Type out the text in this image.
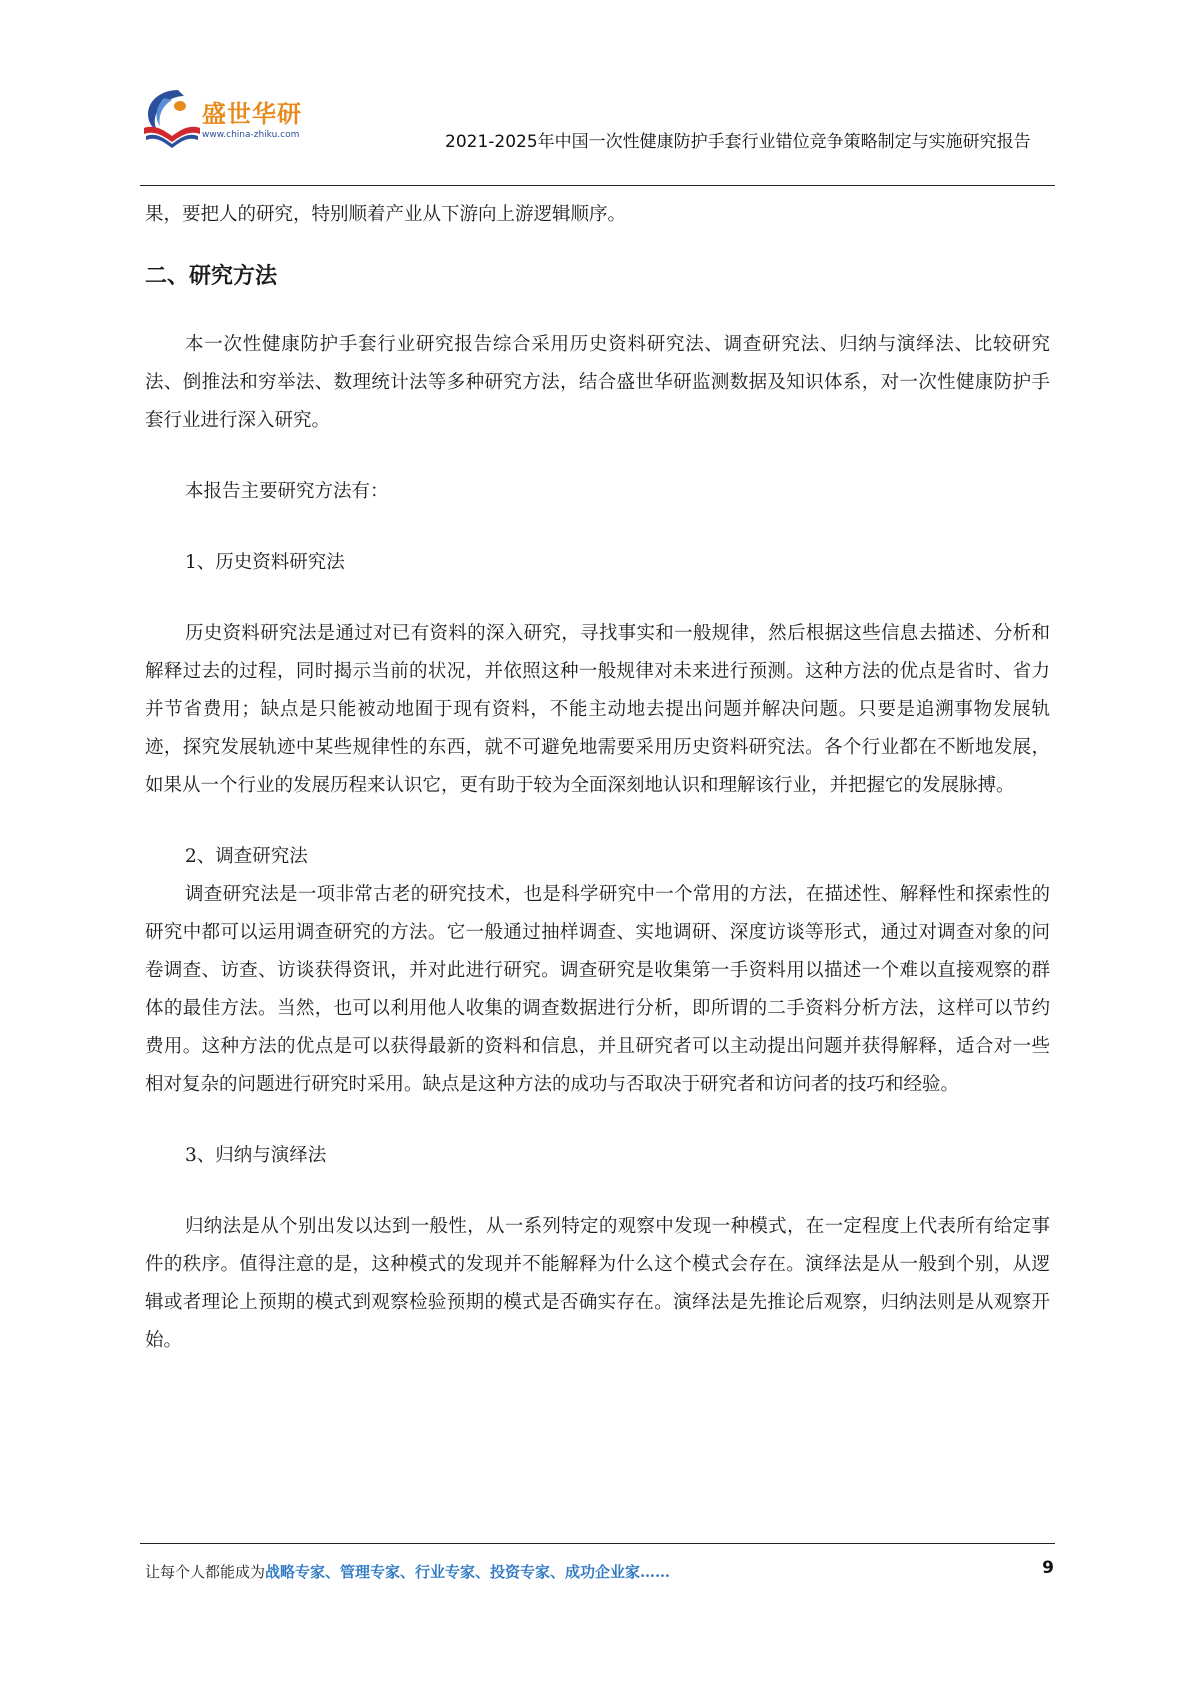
盛世华研
www.china-zhiku.com	2021-2025年中国一次性健康防护手套行业错位竞争策略制定与实施研究报告

果，要把人的研究，特别顺着产业从下游向上游逻辑顺序。

二、研究方法

本一次性健康防护手套行业研究报告综合采用历史资料研究法、调查研究法、归纳与演绎法、比较研究法、倒推法和穷举法、数理统计法等多种研究方法，结合盛世华研监测数据及知识体系，对一次性健康防护手套行业进行深入研究。

本报告主要研究方法有：

1、历史资料研究法

历史资料研究法是通过对已有资料的深入研究，寻找事实和一般规律，然后根据这些信息去描述、分析和解释过去的过程，同时揭示当前的状况，并依照这种一般规律对未来进行预测。这种方法的优点是省时、省力并节省费用；缺点是只能被动地囿于现有资料，不能主动地去提出问题并解决问题。只要是追溯事物发展轨迹，探究发展轨迹中某些规律性的东西，就不可避免地需要采用历史资料研究法。各个行业都在不断地发展，如果从一个行业的发展历程来认识它，更有助于较为全面深刻地认识和理解该行业，并把握它的发展脉搏。

2、调查研究法

调查研究法是一项非常古老的研究技术，也是科学研究中一个常用的方法，在描述性、解释性和探索性的研究中都可以运用调查研究的方法。它一般通过抽样调查、实地调研、深度访谈等形式，通过对调查对象的问卷调查、访查、访谈获得资讯，并对此进行研究。调查研究是收集第一手资料用以描述一个难以直接观察的群体的最佳方法。当然，也可以利用他人收集的调查数据进行分析，即所谓的二手资料分析方法，这样可以节约费用。这种方法的优点是可以获得最新的资料和信息，并且研究者可以主动提出问题并获得解释，适合对一些相对复杂的问题进行研究时采用。缺点是这种方法的成功与否取决于研究者和访问者的技巧和经验。

3、归纳与演绎法

归纳法是从个别出发以达到一般性，从一系列特定的观察中发现一种模式，在一定程度上代表所有给定事件的秩序。值得注意的是，这种模式的发现并不能解释为什么这个模式会存在。演绎法是从一般到个别，从逻辑或者理论上预期的模式到观察检验预期的模式是否确实存在。演绎法是先推论后观察，归纳法则是从观察开始。

让每个人都能成为战略专家、管理专家、行业专家、投资专家、成功企业家……	9
